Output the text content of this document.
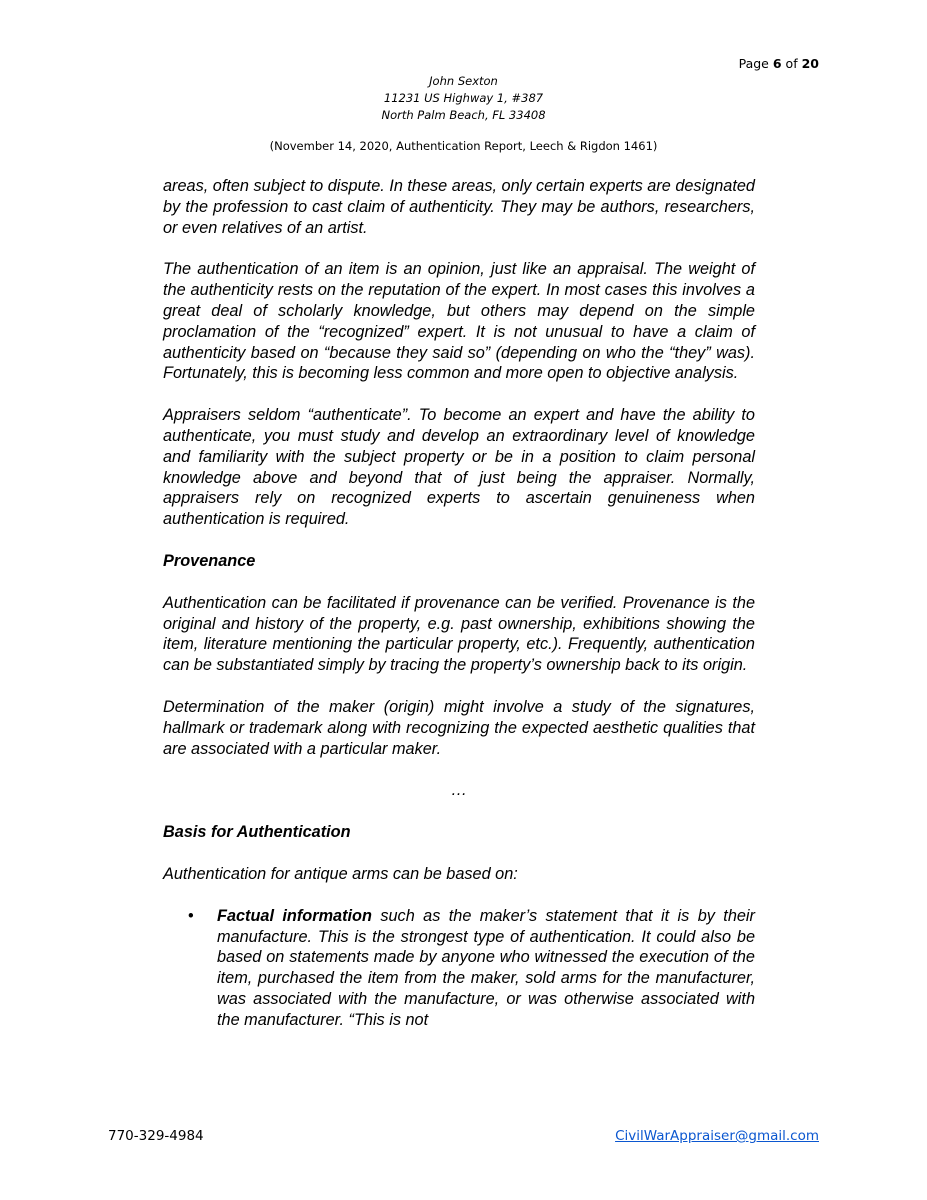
Page 6 of 20
John Sexton
11231 US Highway 1, #387
North Palm Beach, FL 33408
(November 14, 2020, Authentication Report, Leech & Rigdon 1461)

areas, often subject to dispute. In these areas, only certain experts are designated by the profession to cast claim of authenticity. They may be authors, researchers, or even relatives of an artist.

The authentication of an item is an opinion, just like an appraisal. The weight of the authenticity rests on the reputation of the expert. In most cases this involves a great deal of scholarly knowledge, but others may depend on the simple proclamation of the “recognized” expert. It is not unusual to have a claim of authenticity based on “because they said so” (depending on who the “they” was). Fortunately, this is becoming less common and more open to objective analysis.

Appraisers seldom “authenticate”. To become an expert and have the ability to authenticate, you must study and develop an extraordinary level of knowledge and familiarity with the subject property or be in a position to claim personal knowledge above and beyond that of just being the appraiser. Normally, appraisers rely on recognized experts to ascertain genuineness when authentication is required.

Provenance

Authentication can be facilitated if provenance can be verified. Provenance is the original and history of the property, e.g. past ownership, exhibitions showing the item, literature mentioning the particular property, etc.). Frequently, authentication can be substantiated simply by tracing the property’s ownership back to its origin.

Determination of the maker (origin) might involve a study of the signatures, hallmark or trademark along with recognizing the expected aesthetic qualities that are associated with a particular maker.

…
Basis for Authentication

Authentication for antique arms can be based on:

• Factual information such as the maker’s statement that it is by their manufacture. This is the strongest type of authentication. It could also be based on statements made by anyone who witnessed the execution of the item, purchased the item from the maker, sold arms for the manufacturer, was associated with the manufacture, or was otherwise associated with the manufacturer. “This is not
770-329-4984	CivilWarAppraiser@gmail.com
